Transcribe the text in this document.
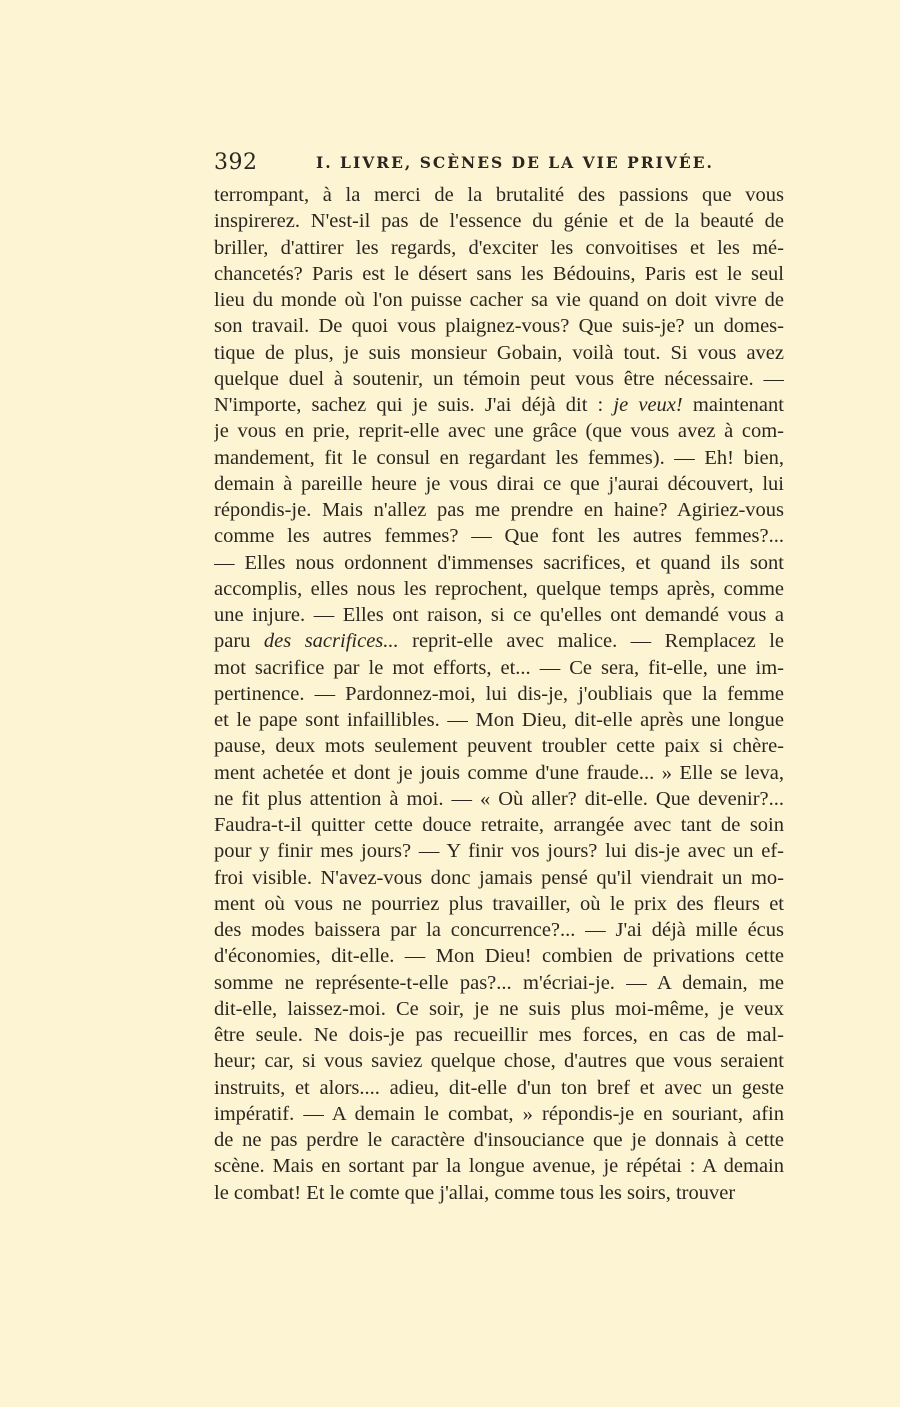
392	I. LIVRE, SCÈNES DE LA VIE PRIVÉE.
terrompant, à la merci de la brutalité des passions que vous
inspirerez. N'est-il pas de l'essence du génie et de la beauté de
briller, d'attirer les regards, d'exciter les convoitises et les mé-
chancetés? Paris est le désert sans les Bédouins, Paris est le seul
lieu du monde où l'on puisse cacher sa vie quand on doit vivre de
son travail. De quoi vous plaignez-vous? Que suis-je? un domes-
tique de plus, je suis monsieur Gobain, voilà tout. Si vous avez
quelque duel à soutenir, un témoin peut vous être nécessaire. —
N'importe, sachez qui je suis. J'ai déjà dit : je veux! maintenant
je vous en prie, reprit-elle avec une grâce (que vous avez à com-
mandement, fit le consul en regardant les femmes). — Eh! bien,
demain à pareille heure je vous dirai ce que j'aurai découvert, lui
répondis-je. Mais n'allez pas me prendre en haine? Agiriez-vous
comme les autres femmes? — Que font les autres femmes?...
— Elles nous ordonnent d'immenses sacrifices, et quand ils sont
accomplis, elles nous les reprochent, quelque temps après, comme
une injure. — Elles ont raison, si ce qu'elles ont demandé vous a
paru des sacrifices... reprit-elle avec malice. — Remplacez le
mot sacrifice par le mot efforts, et... — Ce sera, fit-elle, une im-
pertinence. — Pardonnez-moi, lui dis-je, j'oubliais que la femme
et le pape sont infaillibles. — Mon Dieu, dit-elle après une longue
pause, deux mots seulement peuvent troubler cette paix si chère-
ment achetée et dont je jouis comme d'une fraude... » Elle se leva,
ne fit plus attention à moi. — « Où aller? dit-elle. Que devenir?...
Faudra-t-il quitter cette douce retraite, arrangée avec tant de soin
pour y finir mes jours? — Y finir vos jours? lui dis-je avec un ef-
froi visible. N'avez-vous donc jamais pensé qu'il viendrait un mo-
ment où vous ne pourriez plus travailler, où le prix des fleurs et
des modes baissera par la concurrence?... — J'ai déjà mille écus
d'économies, dit-elle. — Mon Dieu! combien de privations cette
somme ne représente-t-elle pas?... m'écriai-je. — A demain, me
dit-elle, laissez-moi. Ce soir, je ne suis plus moi-même, je veux
être seule. Ne dois-je pas recueillir mes forces, en cas de mal-
heur; car, si vous saviez quelque chose, d'autres que vous seraient
instruits, et alors.... adieu, dit-elle d'un ton bref et avec un geste
impératif. — A demain le combat, » répondis-je en souriant, afin
de ne pas perdre le caractère d'insouciance que je donnais à cette
scène. Mais en sortant par la longue avenue, je répétai : A demain
le combat! Et le comte que j'allai, comme tous les soirs, trouver
